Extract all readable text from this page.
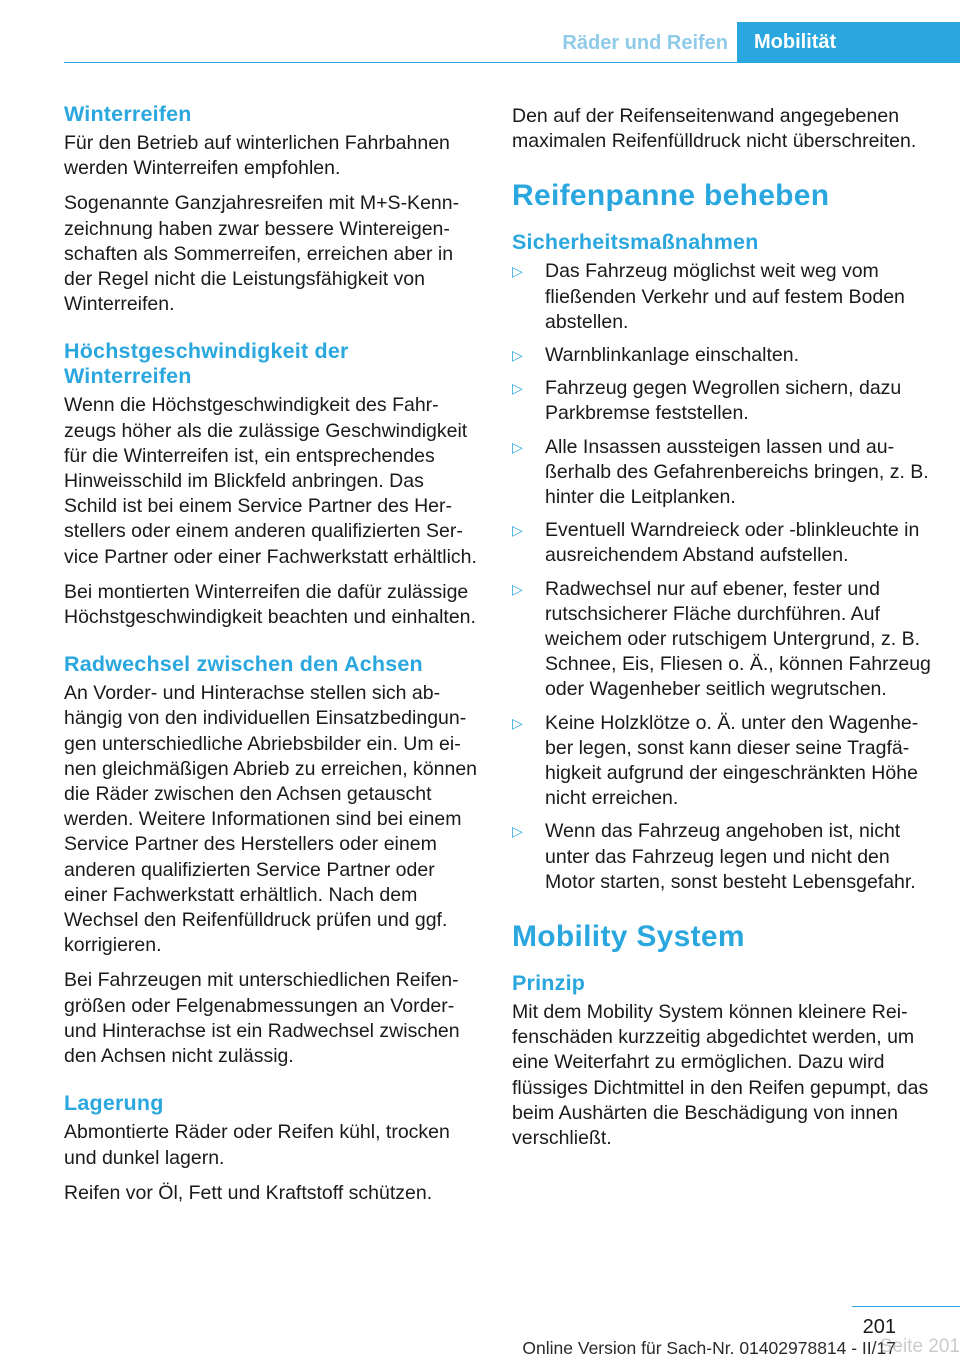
Räder und Reifen	Mobilität
Winterreifen

Für den Betrieb auf winterlichen Fahrbahnen werden Winterreifen empfohlen.

Sogenannte Ganzjahresreifen mit M+S-Kennzeichnung haben zwar bessere Wintereigenschaften als Sommerreifen, erreichen aber in der Regel nicht die Leistungsfähigkeit von Winterreifen.

Höchstgeschwindigkeit der
Winterreifen

Wenn die Höchstgeschwindigkeit des Fahrzeugs höher als die zulässige Geschwindigkeit für die Winterreifen ist, ein entsprechendes Hinweisschild im Blickfeld anbringen. Das Schild ist bei einem Service Partner des Herstellers oder einem anderen qualifizierten Service Partner oder einer Fachwerkstatt erhältlich.

Bei montierten Winterreifen die dafür zulässige Höchstgeschwindigkeit beachten und einhalten.

Radwechsel zwischen den Achsen

An Vorder- und Hinterachse stellen sich abhängig von den individuellen Einsatzbedingungen unterschiedliche Abriebsbilder ein. Um einen gleichmäßigen Abrieb zu erreichen, können die Räder zwischen den Achsen getauscht werden. Weitere Informationen sind bei einem Service Partner des Herstellers oder einem anderen qualifizierten Service Partner oder einer Fachwerkstatt erhältlich. Nach dem Wechsel den Reifenfülldruck prüfen und ggf. korrigieren.

Bei Fahrzeugen mit unterschiedlichen Reifengrößen oder Felgenabmessungen an Vorder- und Hinterachse ist ein Radwechsel zwischen den Achsen nicht zulässig.

Lagerung

Abmontierte Räder oder Reifen kühl, trocken und dunkel lagern.

Reifen vor Öl, Fett und Kraftstoff schützen.

Den auf der Reifenseitenwand angegebenen maximalen Reifenfülldruck nicht überschreiten.

Reifenpanne beheben
Sicherheitsmaßnahmen
▷ Das Fahrzeug möglichst weit weg vom fließenden Verkehr und auf festem Boden abstellen.
▷ Warnblinkanlage einschalten.
▷ Fahrzeug gegen Wegrollen sichern, dazu Parkbremse feststellen.
▷ Alle Insassen aussteigen lassen und außerhalb des Gefahrenbereichs bringen, z. B. hinter die Leitplanken.
▷ Eventuell Warndreieck oder -blinkleuchte in ausreichendem Abstand aufstellen.
▷ Radwechsel nur auf ebener, fester und rutschsicherer Fläche durchführen. Auf weichem oder rutschigem Untergrund, z. B. Schnee, Eis, Fliesen o. Ä., können Fahrzeug oder Wagenheber seitlich wegrutschen.
▷ Keine Holzklötze o. Ä. unter den Wagenheber legen, sonst kann dieser seine Tragfähigkeit aufgrund der eingeschränkten Höhe nicht erreichen.
▷ Wenn das Fahrzeug angehoben ist, nicht unter das Fahrzeug legen und nicht den Motor starten, sonst besteht Lebensgefahr.
Mobility System
Prinzip

Mit dem Mobility System können kleinere Reifenschäden kurzzeitig abgedichtet werden, um eine Weiterfahrt zu ermöglichen. Dazu wird flüssiges Dichtmittel in den Reifen gepumpt, das beim Aushärten die Beschädigung von innen verschließt.

201
Online Version für Sach-Nr. 01402978814 - II/17
Seite 201
